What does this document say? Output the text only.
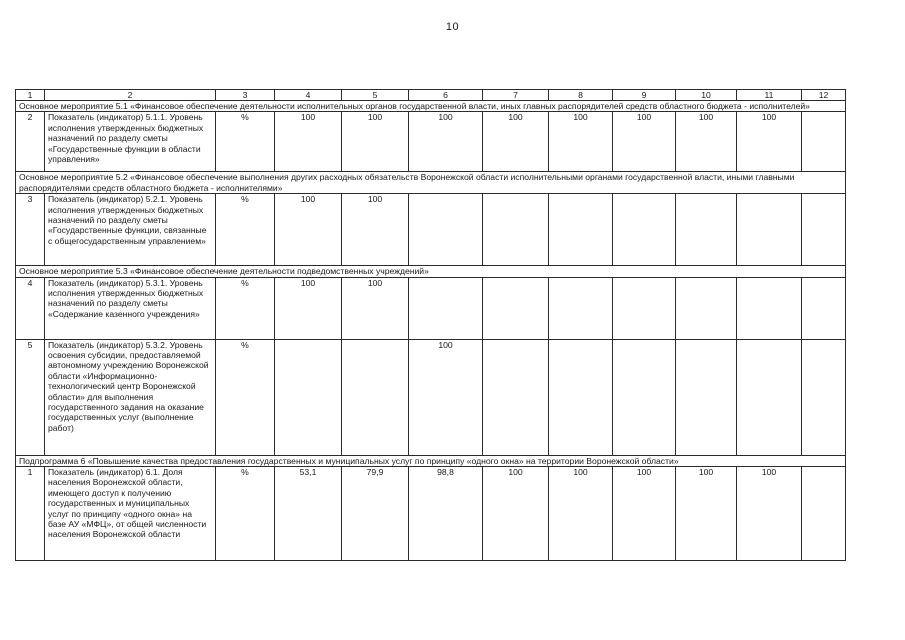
10
1	2	3	4	5	6	7	8	9	10	11	12
Основное мероприятие 5.1 «Финансовое обеспечение деятельности исполнительных органов государственной власти, иных главных распорядителей средств областного бюджета - исполнителей»											
2	Показатель (индикатор) 5.1.1. Уровень исполнения утвержденных бюджетных назначений по разделу сметы «Государственные функции в области управления»	%	100	100	100	100	100	100	100	100	
Основное мероприятие 5.2 «Финансовое обеспечение выполнения других расходных обязательств Воронежской области исполнительными органами государственной власти, иными главными распорядителями средств областного бюджета - исполнителями»											
3	Показатель (индикатор) 5.2.1. Уровень исполнения утвержденных бюджетных назначений по разделу сметы «Государственные функции, связанные с общегосударственным управлением»	%	100	100							
Основное мероприятие 5.3 «Финансовое обеспечение деятельности подведомственных учреждений»											
4	Показатель (индикатор) 5.3.1. Уровень исполнения утвержденных бюджетных назначений по разделу сметы «Содержание казенного учреждения»	%	100	100							
5	Показатель (индикатор) 5.3.2. Уровень освоения субсидии, предоставляемой автономному учреждению Воронежской области «Информационно-технологический центр Воронежской области» для выполнения государственного задания на оказание государственных услуг (выполнение работ)	%			100						
Подпрограмма 6 «Повышение качества предоставления государственных и муниципальных услуг по принципу «одного окна» на территории Воронежской области»											
1	Показатель (индикатор) 6.1. Доля населения Воронежской области, имеющего доступ к получению государственных и муниципальных услуг по принципу «одного окна» на базе АУ «МФЦ», от общей численности населения Воронежской области	%	53,1	79,9	98,8	100	100	100	100	100	
